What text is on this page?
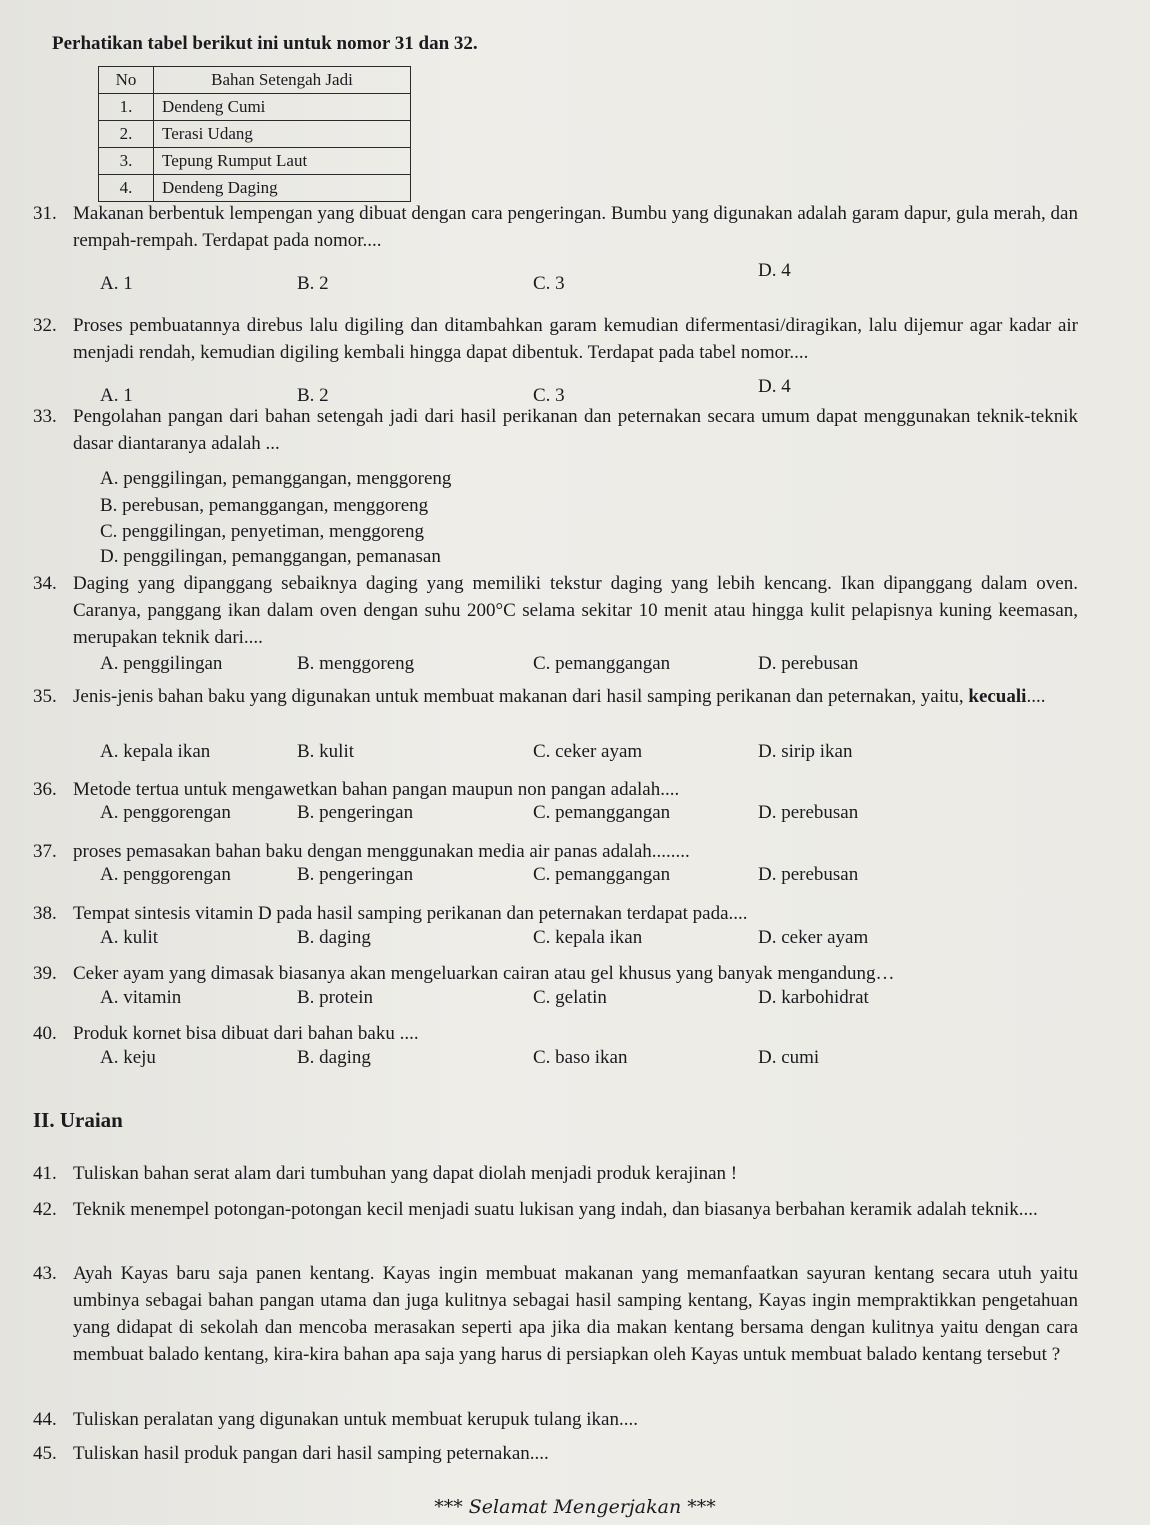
Perhatikan tabel berikut ini untuk nomor 31 dan 32.
No	Bahan Setengah Jadi
1.	Dendeng Cumi
2.	Terasi Udang
3.	Tepung Rumput Laut
4.	Dendeng Daging
31. Makanan berbentuk lempengan yang dibuat dengan cara pengeringan. Bumbu yang digunakan adalah garam dapur, gula merah, dan rempah-rempah. Terdapat pada nomor....
A. 1	B. 2	C. 3
D. 4
32. Proses pembuatannya direbus lalu digiling dan ditambahkan garam kemudian difermentasi/diragikan, lalu dijemur agar kadar air menjadi rendah, kemudian digiling kembali hingga dapat dibentuk. Terdapat pada tabel nomor....
A. 1	B. 2	C. 3	D. 4
33. Pengolahan pangan dari bahan setengah jadi dari hasil perikanan dan peternakan secara umum dapat menggunakan teknik-teknik dasar diantaranya adalah ...
A. penggilingan, pemanggangan, menggoreng
B. perebusan, pemanggangan, menggoreng
C. penggilingan, penyetiman, menggoreng
D. penggilingan, pemanggangan, pemanasan
34. Daging yang dipanggang sebaiknya daging yang memiliki tekstur daging yang lebih kencang. Ikan dipanggang dalam oven. Caranya, panggang ikan dalam oven dengan suhu 200°C selama sekitar 10 menit atau hingga kulit pelapisnya kuning keemasan, merupakan teknik dari....
A. penggilingan	B. menggoreng	C. pemanggangan	D. perebusan
35. Jenis-jenis bahan baku yang digunakan untuk membuat makanan dari hasil samping perikanan dan peternakan, yaitu, kecuali....
A. kepala ikan	B. kulit	C. ceker ayam	D. sirip ikan
36. Metode tertua untuk mengawetkan bahan pangan maupun non pangan adalah....
A. penggorengan	B. pengeringan	C. pemanggangan	D. perebusan
37. proses pemasakan bahan baku dengan menggunakan media air panas adalah........
A. penggorengan	B. pengeringan	C. pemanggangan	D. perebusan
38. Tempat sintesis vitamin D pada hasil samping perikanan dan peternakan terdapat pada....
A. kulit	B. daging	C. kepala ikan	D. ceker ayam
39. Ceker ayam yang dimasak biasanya akan mengeluarkan cairan atau gel khusus yang banyak mengandung…
A. vitamin	B. protein	C. gelatin	D. karbohidrat
40. Produk kornet bisa dibuat dari bahan baku ....
A. keju	B. daging	C. baso ikan	D. cumi
II. Uraian
41. Tuliskan bahan serat alam dari tumbuhan yang dapat diolah menjadi produk kerajinan !
42. Teknik menempel potongan-potongan kecil menjadi suatu lukisan yang indah, dan biasanya berbahan keramik adalah teknik....
43. Ayah Kayas baru saja panen kentang. Kayas ingin membuat makanan yang memanfaatkan sayuran kentang secara utuh yaitu umbinya sebagai bahan pangan utama dan juga kulitnya sebagai hasil samping kentang, Kayas ingin mempraktikkan pengetahuan yang didapat di sekolah dan mencoba merasakan seperti apa jika dia makan kentang bersama dengan kulitnya yaitu dengan cara membuat balado kentang, kira-kira bahan apa saja yang harus di persiapkan oleh Kayas untuk membuat balado kentang tersebut ?
44. Tuliskan peralatan yang digunakan untuk membuat kerupuk tulang ikan....
45. Tuliskan hasil produk pangan dari hasil samping peternakan....
*** Selamat Mengerjakan ***
